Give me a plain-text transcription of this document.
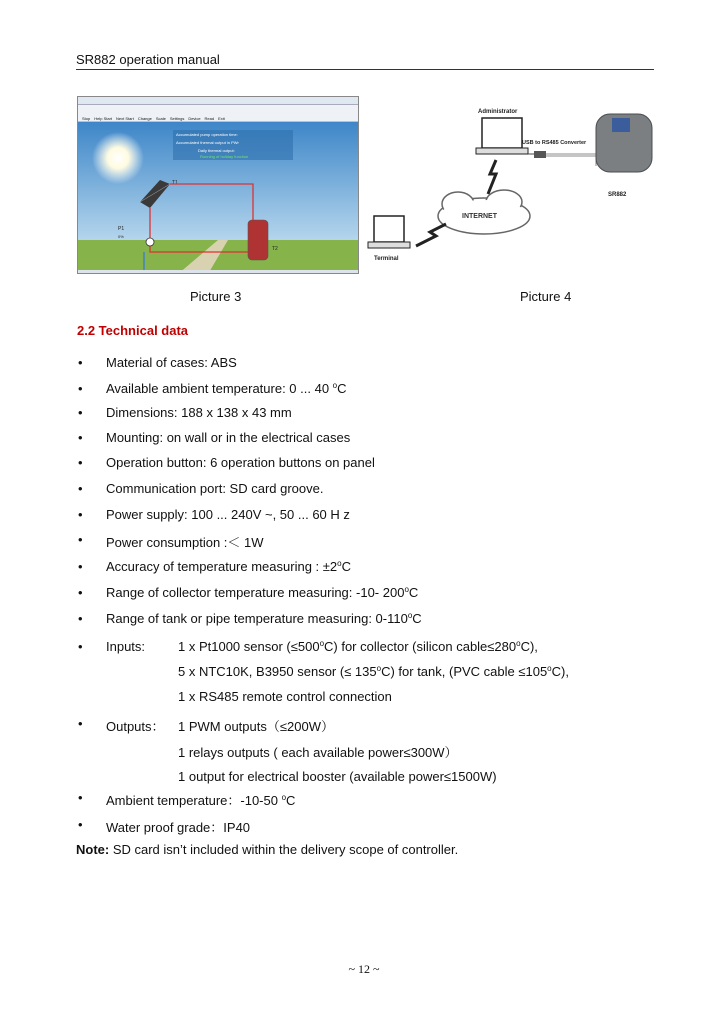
SR882 operation manual
Stop Help Start Next Start Change Scale Settings Device Read Exit
Accumulated pump operation time:
Accumulated thermal output in PWr
Daily thermal output:
Running of holiday function
T1
P1
0%
T2
Administrator
USB to RS485 Converter
SR882
INTERNET
Terminal
Picture 3	Picture 4
2.2 Technical data
• Material of cases: ABS
• Available ambient temperature: 0 ... 40 $^o$C
• Dimensions: 188 x 138 x 43 mm
• Mounting: on wall or in the electrical cases
• Operation button: 6 operation buttons on panel
• Communication port: SD card groove.
• Power supply: 100 ... 240V ~, 50 ... 60 H z
• Power consumption :＜ 1W
• Accuracy of temperature measuring : $\pm 2^oC$
• Range of collector temperature measuring: -10- 200$^o$C
• Range of tank or pipe temperature measuring: 0-110$^o$C
• Inputs:	1 x Pt1000 sensor $(\le 500^oC)$ for collector (silicon $cable\le 280^oC$),
5 x NTC10K, B3950 sensor (≤ $135^oC$) for tank, (PVC cable $\le 105^oC$),
1 x RS485 remote control connection
• Outputs： 1 PWM outputs（≤200W）
1 relays outputs ( each available power≤300W）
1 output for electrical booster (available power≤1500W)
• Ambient temperature：-10-50 $^o$C
• Water proof grade：IP40
Note: SD card isn’t included within the delivery scope of controller.
~ 12 ~
